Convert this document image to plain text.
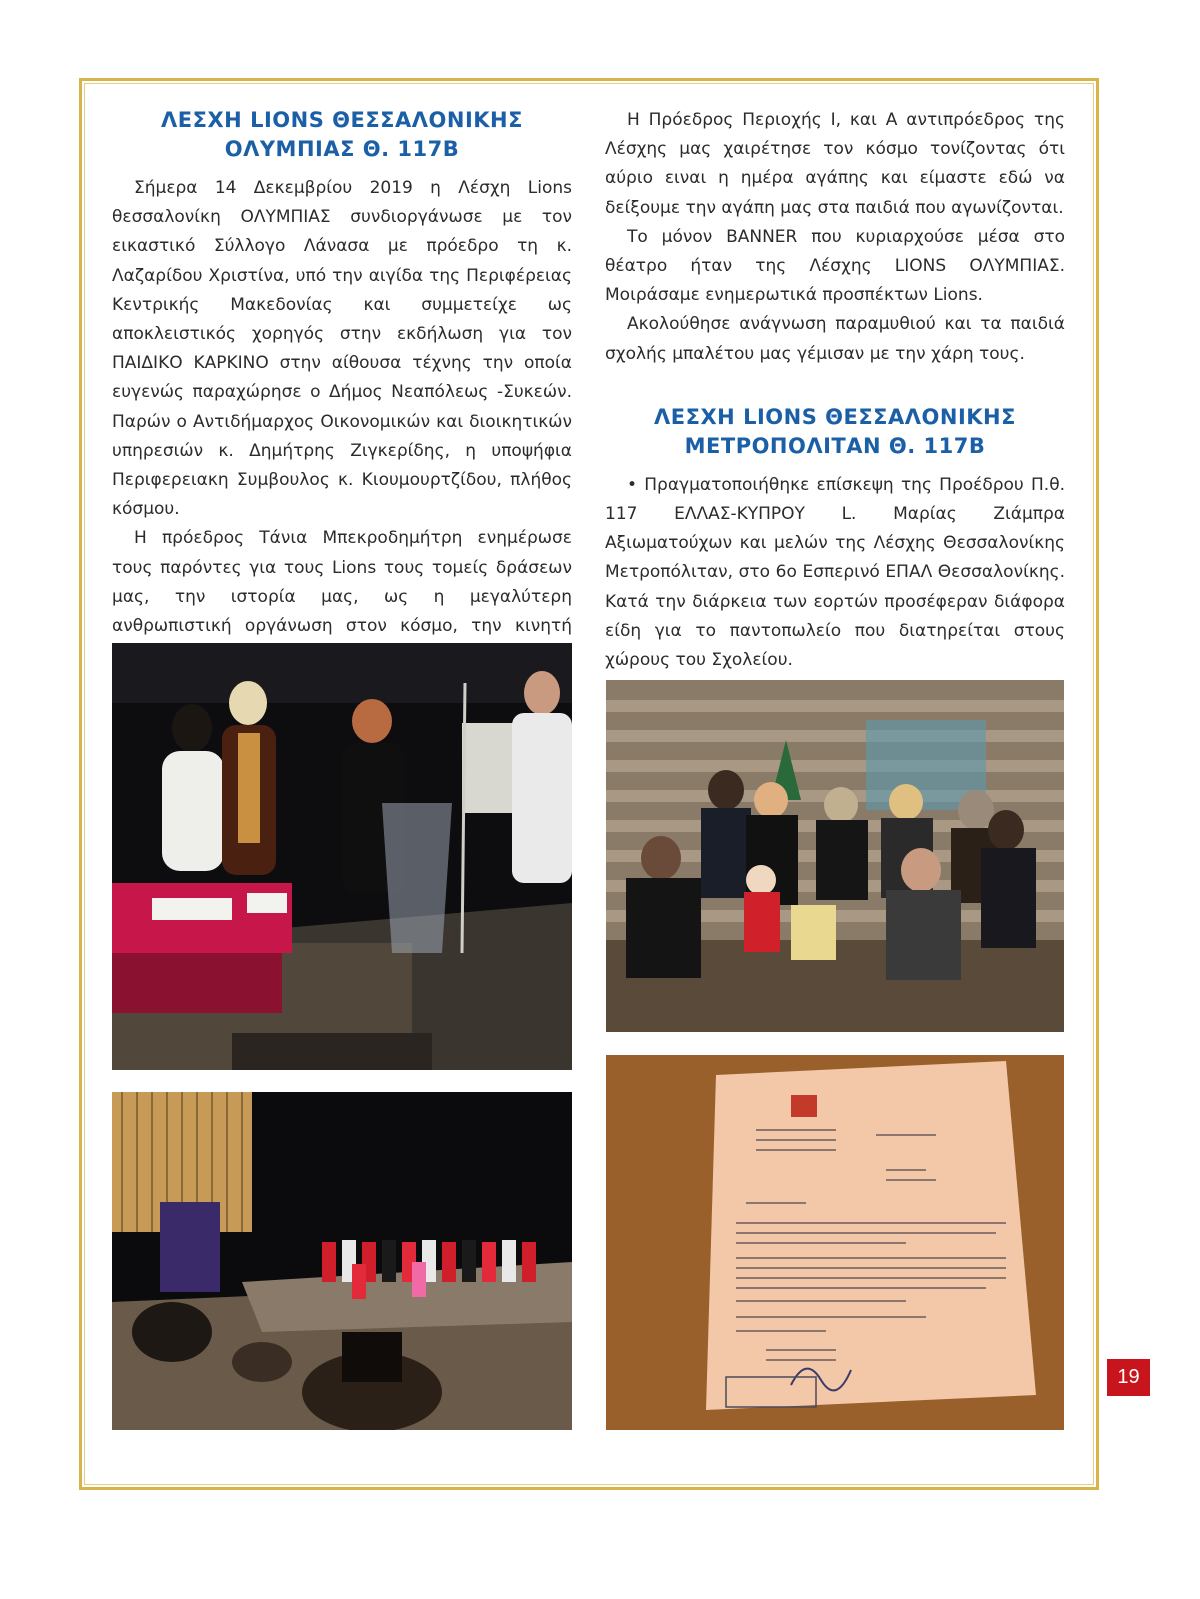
ΛΕΣΧΗ LIONS ΘΕΣΣΑΛΟΝΙΚΗΣ
ΟΛΥΜΠΙΑΣ Θ. 117Β

Σήμερα 14 Δεκεμβρίου 2019 η Λέσχη Lions θεσσαλονίκη ΟΛΥΜΠΙΑΣ συνδιοργάνωσε με τον εικαστικό Σύλλογο Λάνασα με πρόεδρο τη κ. Λαζαρίδου Χριστίνα, υπό την αιγίδα της Περιφέρειας Κεντρικής Μακεδονίας και συμμετείχε ως αποκλειστικός χορηγός στην εκδήλωση για τον ΠΑΙΔΙΚΟ ΚΑΡΚΙΝΟ στην αίθουσα τέχνης την οποία ευγενώς παραχώρησε ο Δήμος Νεαπόλεως -Συκεών. Παρών ο Αντιδήμαρχος Οικονομικών και διοικητικών υπηρεσιών κ. Δημήτρης Ζιγκερίδης, η υποψήφια Περιφερειακη Συμβουλος κ. Κιουμουρτζίδου, πλήθος κόσμου.

Η πρόεδρος Τάνια Μπεκροδημήτρη ενημέρωσε τους παρόντες για τους Lions τους τομείς δράσεων μας, την ιστορία μας, ως η μεγαλύτερη ανθρωπιστική οργάνωση στον κόσμο, την κινητή

Η Πρόεδρος Περιοχής Ι, και Α αντιπρόεδρος της Λέσχης μας χαιρέτησε τον κόσμο τονίζοντας ότι αύριο ειναι η ημέρα αγάπης και είμαστε εδώ να δείξουμε την αγάπη μας στα παιδιά που αγωνίζονται.

Το μόνον BANNER που κυριαρχούσε μέσα στο θέατρο ήταν της Λέσχης LIONS ΟΛΥΜΠΙΑΣ. Μοιράσαμε ενημερωτικά προσπέκτων Lions.

Ακολούθησε ανάγνωση παραμυθιού και τα παιδιά σχολής μπαλέτου μας γέμισαν με την χάρη τους.

ΛΕΣΧΗ LIONS ΘΕΣΣΑΛΟΝΙΚΗΣ
ΜΕΤΡΟΠΟΛΙΤΑΝ Θ. 117Β

• Πραγματοποιήθηκε επίσκεψη της Προέδρου Π.θ. 117 ΕΛΛΑΣ-ΚΥΠΡΟΥ L. Μαρίας Ζιάμπρα Αξιωματούχων και μελών της Λέσχης Θεσσαλονίκης Μετροπόλιταν, στο 6ο Εσπερινό ΕΠΑΛ Θεσσαλονίκης. Κατά την διάρκεια των εορτών προσέφεραν διάφορα είδη για το παντοπωλείο που διατηρείται στους χώρους του Σχολείου.

19
